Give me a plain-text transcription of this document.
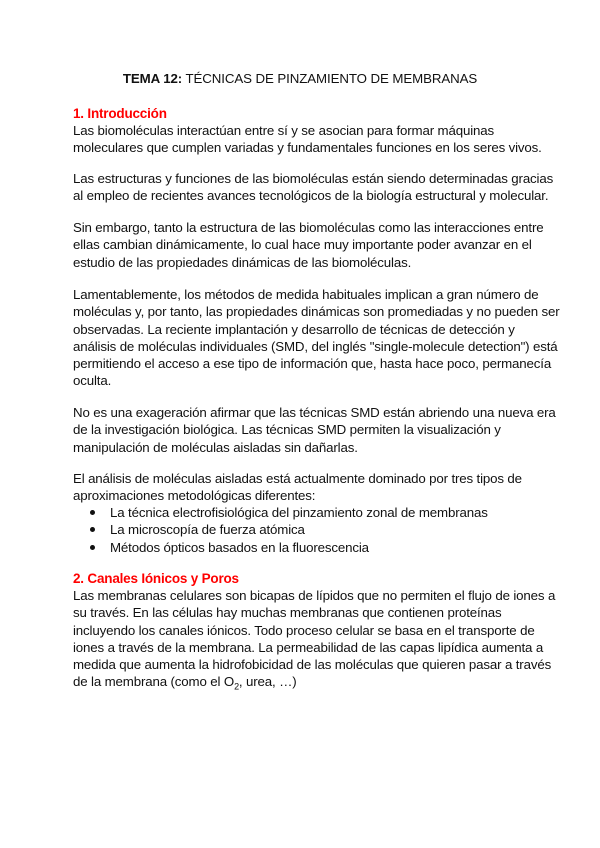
TEMA 12: TÉCNICAS DE PINZAMIENTO DE MEMBRANAS
1. Introducción
Las biomoléculas interactúan entre sí y se asocian para formar máquinas
moleculares que cumplen variadas y fundamentales funciones en los seres vivos.
Las estructuras y funciones de las biomoléculas están siendo determinadas gracias
al empleo de recientes avances tecnológicos de la biología estructural y molecular.
Sin embargo, tanto la estructura de las biomoléculas como las interacciones entre
ellas cambian dinámicamente, lo cual hace muy importante poder avanzar en el
estudio de las propiedades dinámicas de las biomoléculas.
Lamentablemente, los métodos de medida habituales implican a gran número de
moléculas y, por tanto, las propiedades dinámicas son promediadas y no pueden ser
observadas. La reciente implantación y desarrollo de técnicas de detección y
análisis de moléculas individuales (SMD, del inglés "single-molecule detection") está
permitiendo el acceso a ese tipo de información que, hasta hace poco, permanecía
oculta.
No es una exageración afirmar que las técnicas SMD están abriendo una nueva era
de la investigación biológica. Las técnicas SMD permiten la visualización y
manipulación de moléculas aisladas sin dañarlas.
El análisis de moléculas aisladas está actualmente dominado por tres tipos de
aproximaciones metodológicas diferentes:
La técnica electrofisiológica del pinzamiento zonal de membranas
La microscopía de fuerza atómica
Métodos ópticos basados en la fluorescencia
2. Canales Iónicos y Poros
Las membranas celulares son bicapas de lípidos que no permiten el flujo de iones a
su través. En las células hay muchas membranas que contienen proteínas
incluyendo los canales iónicos. Todo proceso celular se basa en el transporte de
iones a través de la membrana. La permeabilidad de las capas lipídica aumenta a
medida que aumenta la hidrofobicidad de las moléculas que quieren pasar a través
de la membrana (como el $O_2$, urea, …)
